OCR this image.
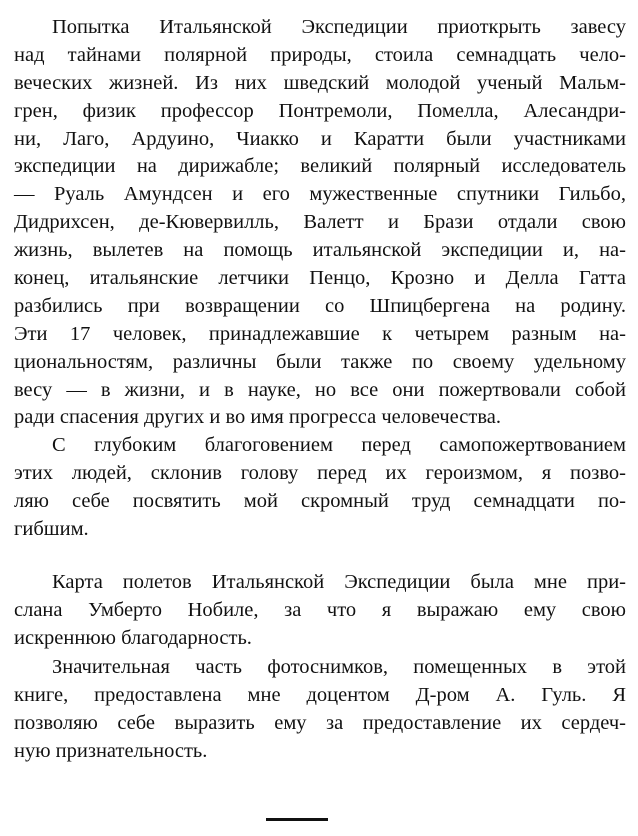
Попытка Итальянской Экспедиции приоткрыть завесу
над тайнами полярной природы, стоила семнадцать чело-
веческих жизней. Из них шведский молодой ученый Мальм-
грен, физик профессор Понтремоли, Помелла, Алесандри-
ни, Лаго, Ардуино, Чиакко и Каратти были участниками
экспедиции на дирижабле; великий полярный исследователь
— Руаль Амундсен и его мужественные спутники Гильбо,
Дидрихсен, де-Кювервилль, Валетт и Брази отдали свою
жизнь, вылетев на помощь итальянской экспедиции и, на-
конец, итальянские летчики Пенцо, Крозно и Делла Гатта
разбились при возвращении со Шпицбергена на родину.
Эти 17 человек, принадлежавшие к четырем разным на-
циональностям, различны были также по своему удельному
весу — в жизни, и в науке, но все они пожертвовали собой
ради спасения других и во имя прогресса человечества.
С глубоким благоговением перед самопожертвованием
этих людей, склонив голову перед их героизмом, я позво-
ляю себе посвятить мой скромный труд семнадцати по-
гибшим.
Карта полетов Итальянской Экспедиции была мне при-
слана Умберто Нобиле, за что я выражаю ему свою
искреннюю благодарность.
Значительная часть фотоснимков, помещенных в этой
книге, предоставлена мне доцентом Д-ром А. Гуль. Я
позволяю себе выразить ему за предоставление их сердеч-
ную признательность.
